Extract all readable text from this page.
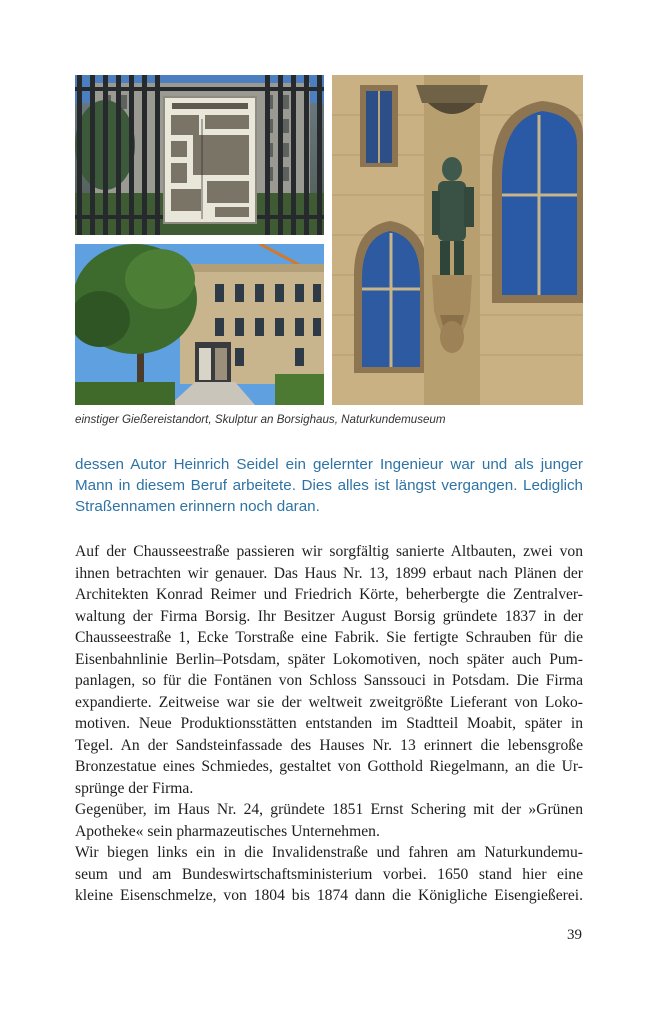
einstiger Gießereistandort, Skulptur an Borsighaus, Naturkundemuseum
dessen Autor Heinrich Seidel ein gelernter Ingenieur war und als junger
Mann in diesem Beruf arbeitete. Dies alles ist längst vergangen. Lediglich
Straßennamen erinnern noch daran.
Auf der Chausseestraße passieren wir sorgfältig sanierte Altbauten, zwei von
ihnen betrachten wir genauer. Das Haus Nr. 13, 1899 erbaut nach Plänen der
Architekten Konrad Reimer und Friedrich Körte, beherbergte die Zentralver-
waltung der Firma Borsig. Ihr Besitzer August Borsig gründete 1837 in der
Chausseestraße 1, Ecke Torstraße eine Fabrik. Sie fertigte Schrauben für die
Eisenbahnlinie Berlin–Potsdam, später Lokomotiven, noch später auch Pum-
panlagen, so für die Fontänen von Schloss Sanssouci in Potsdam. Die Firma
expandierte. Zeitweise war sie der weltweit zweitgrößte Lieferant von Loko-
motiven. Neue Produktionsstätten entstanden im Stadtteil Moabit, später in
Tegel. An der Sandsteinfassade des Hauses Nr. 13 erinnert die lebensgroße
Bronzestatue eines Schmiedes, gestaltet von Gotthold Riegelmann, an die Ur-
sprünge der Firma.
Gegenüber, im Haus Nr. 24, gründete 1851 Ernst Schering mit der »Grünen
Apotheke« sein pharmazeutisches Unternehmen.
Wir biegen links ein in die Invalidenstraße und fahren am Naturkundemu-
seum und am Bundeswirtschaftsministerium vorbei. 1650 stand hier eine
kleine Eisenschmelze, von 1804 bis 1874 dann die Königliche Eisengießerei.
39
